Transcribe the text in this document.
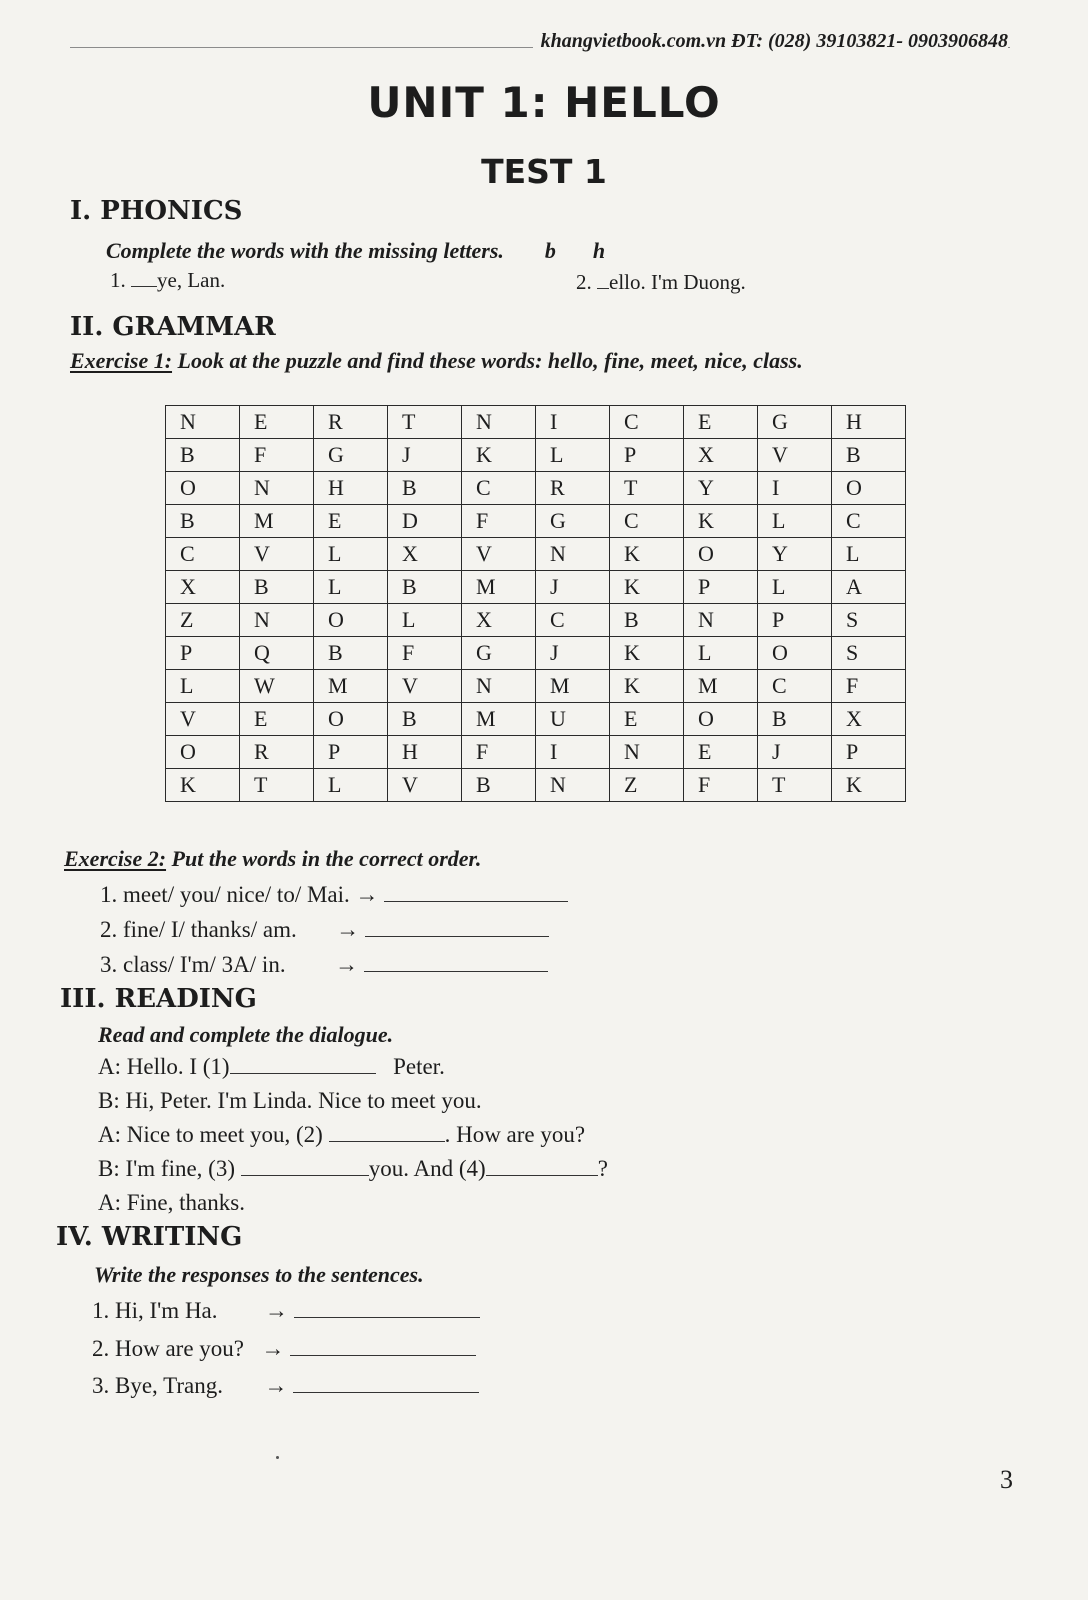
khangvietbook.com.vn ĐT: (028) 39103821- 0903906848
UNIT 1: HELLO
TEST 1
I. PHONICS
Complete the words with the missing letters. b h
1. ye, Lan.	2. ello. I'm Duong.
II. GRAMMAR
Exercise 1: Look at the puzzle and find these words: hello, fine, meet, nice, class.
N	E	R	T	N	I	C	E	G	H
B	F	G	J	K	L	P	X	V	B
O	N	H	B	C	R	T	Y	I	O
B	M	E	D	F	G	C	K	L	C
C	V	L	X	V	N	K	O	Y	L
X	B	L	B	M	J	K	P	L	A
Z	N	O	L	X	C	B	N	P	S
P	Q	B	F	G	J	K	L	O	S
L	W	M	V	N	M	K	M	C	F
V	E	O	B	M	U	E	O	B	X
O	R	P	H	F	I	N	E	J	P
K	T	L	V	B	N	Z	F	T	K
Exercise 2: Put the words in the correct order.
1. meet/ you/ nice/ to/ Mai. →
2. fine/ I/ thanks/ am. →
3. class/ I'm/ 3A/ in. →
III. READING
Read and complete the dialogue.
A: Hello. I (1)	Peter.
B: Hi, Peter. I'm Linda. Nice to meet you.
A: Nice to meet you, (2)	. How are you?
B: I'm fine, (3)	you. And (4)	?
A: Fine, thanks.
IV. WRITING
Write the responses to the sentences.
1. Hi, I'm Ha. →
2. How are you? →
3. Bye, Trang. →
3
